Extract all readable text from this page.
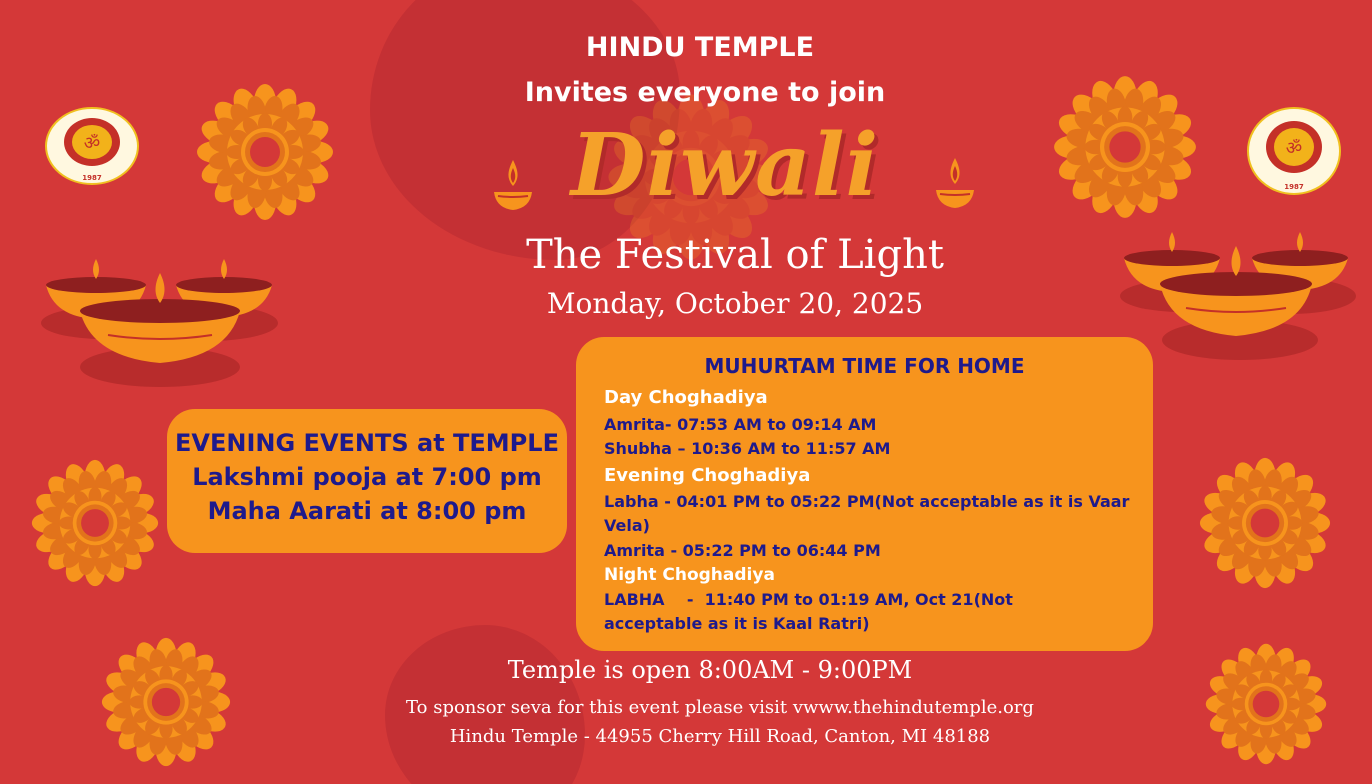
ॐ
1987
ॐ
1987
HINDU TEMPLE
Invites everyone to join
Diwali
The Festival of Light
Monday, October 20, 2025
EVENING EVENTS at TEMPLE
Lakshmi pooja at 7:00 pm
Maha Aarati at 8:00 pm
MUHURTAM TIME FOR HOME
Day Choghadiya
Amrita- 07:53 AM to 09:14 AM
Shubha – 10:36 AM to 11:57 AM
Evening Choghadiya
Labha - 04:01 PM to 05:22 PM(Not acceptable as it is Vaar Vela)
Amrita - 05:22 PM to 06:44 PM
Night Choghadiya
LABHA    -  11:40 PM to 01:19 AM, Oct 21(Not acceptable as it is Kaal Ratri)
Temple is open 8:00AM - 9:00PM
To sponsor seva for this event please visit vwww.thehindutemple.org
Hindu Temple - 44955 Cherry Hill Road, Canton, MI 48188
